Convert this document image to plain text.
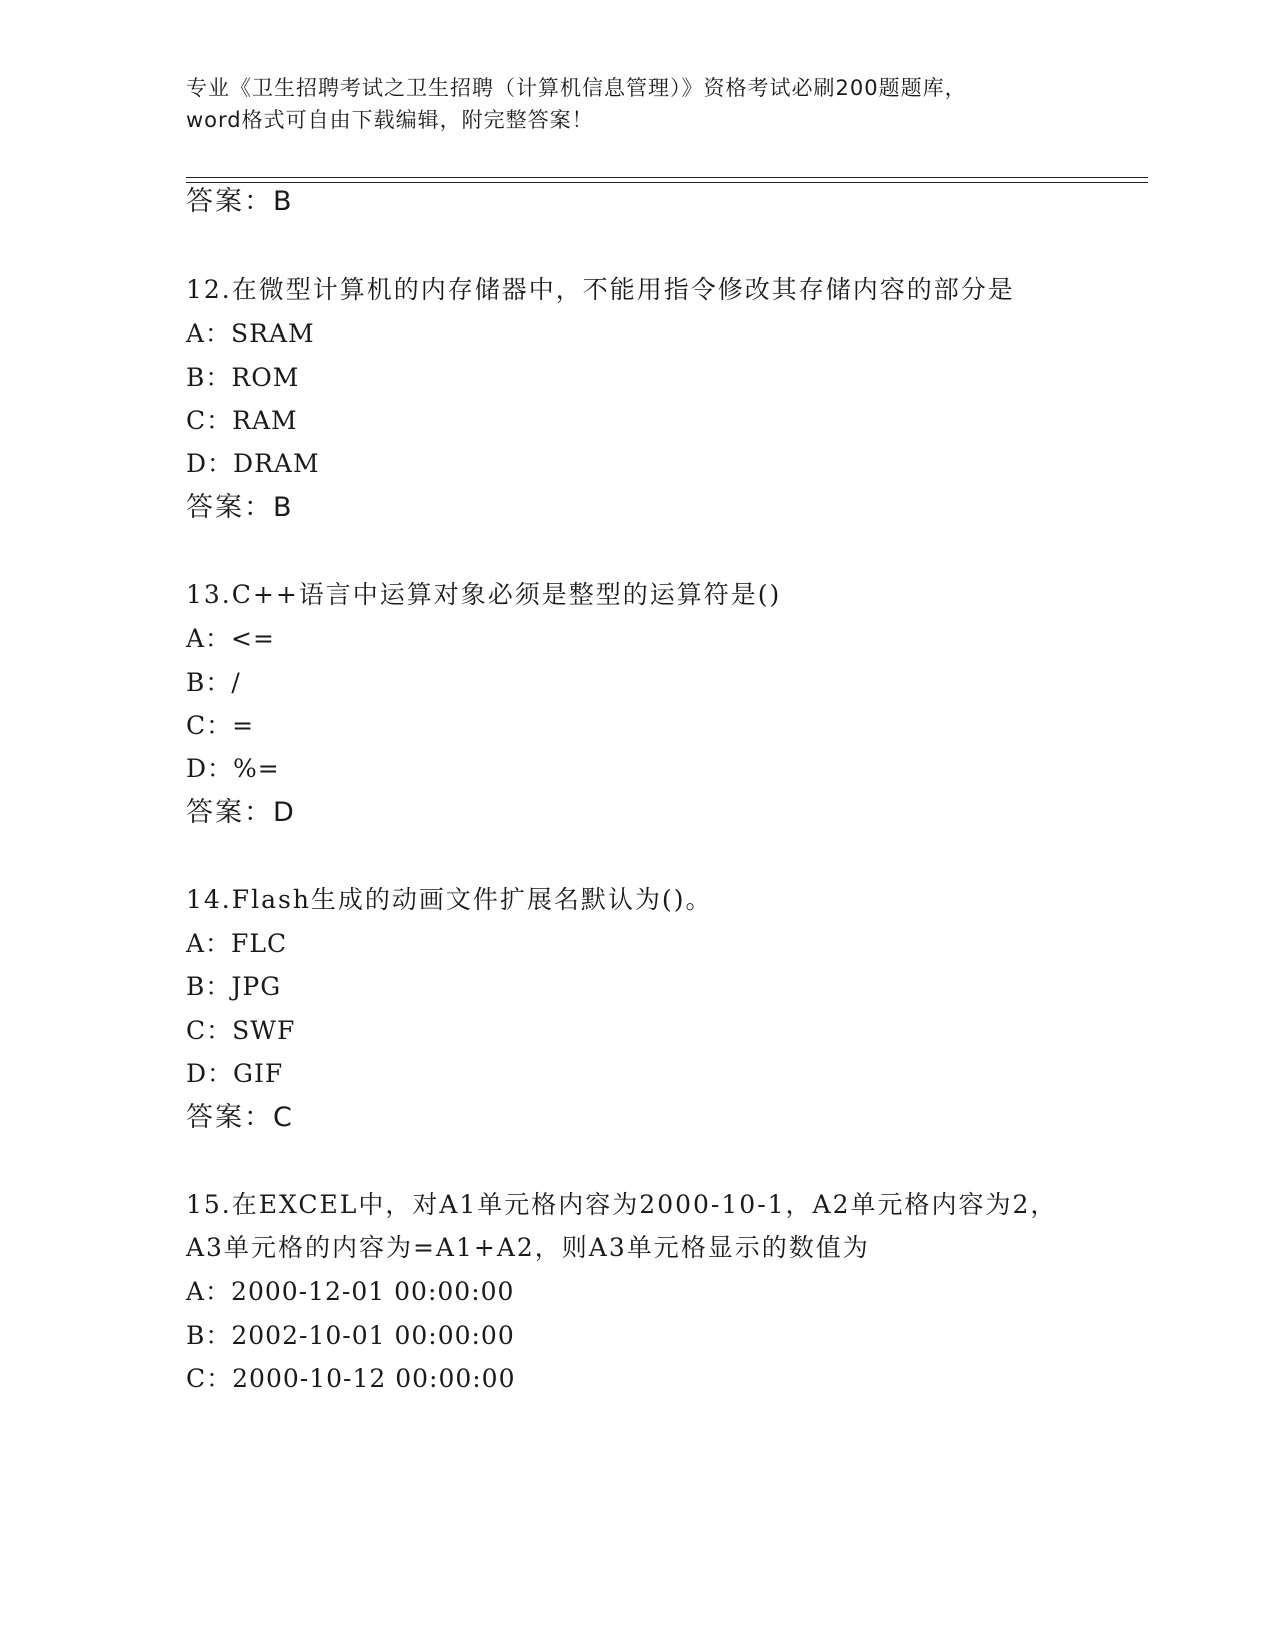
专业《卫生招聘考试之卫生招聘（计算机信息管理）》资格考试必刷200题题库，
word格式可自由下载编辑，附完整答案！
答案：B
12.在微型计算机的内存储器中，不能用指令修改其存储内容的部分是
A：SRAM
B：ROM
C：RAM
D：DRAM
答案：B
13.C++语言中运算对象必须是整型的运算符是()
A：<=
B：/
C：=
D：%=
答案：D
14.Flash生成的动画文件扩展名默认为()。
A：FLC
B：JPG
C：SWF
D：GIF
答案：C
15.在EXCEL中，对A1单元格内容为2000-10-1，A2单元格内容为2，
A3单元格的内容为=A1+A2，则A3单元格显示的数值为
A：2000-12-01 00:00:00
B：2002-10-01 00:00:00
C：2000-10-12 00:00:00
